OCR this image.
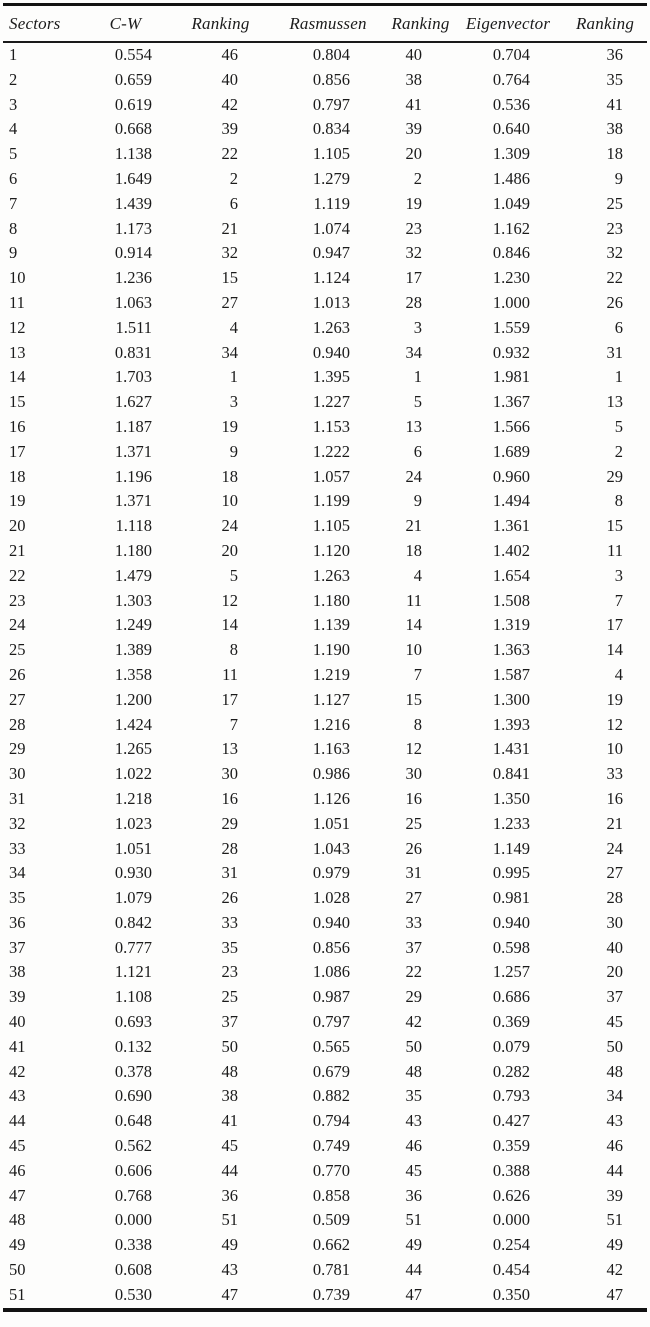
Sectors	C-W	Ranking	Rasmussen	Ranking	Eigenvector	Ranking
1	0.554	46	0.804	40	0.704	36
2	0.659	40	0.856	38	0.764	35
3	0.619	42	0.797	41	0.536	41
4	0.668	39	0.834	39	0.640	38
5	1.138	22	1.105	20	1.309	18
6	1.649	2	1.279	2	1.486	9
7	1.439	6	1.119	19	1.049	25
8	1.173	21	1.074	23	1.162	23
9	0.914	32	0.947	32	0.846	32
10	1.236	15	1.124	17	1.230	22
11	1.063	27	1.013	28	1.000	26
12	1.511	4	1.263	3	1.559	6
13	0.831	34	0.940	34	0.932	31
14	1.703	1	1.395	1	1.981	1
15	1.627	3	1.227	5	1.367	13
16	1.187	19	1.153	13	1.566	5
17	1.371	9	1.222	6	1.689	2
18	1.196	18	1.057	24	0.960	29
19	1.371	10	1.199	9	1.494	8
20	1.118	24	1.105	21	1.361	15
21	1.180	20	1.120	18	1.402	11
22	1.479	5	1.263	4	1.654	3
23	1.303	12	1.180	11	1.508	7
24	1.249	14	1.139	14	1.319	17
25	1.389	8	1.190	10	1.363	14
26	1.358	11	1.219	7	1.587	4
27	1.200	17	1.127	15	1.300	19
28	1.424	7	1.216	8	1.393	12
29	1.265	13	1.163	12	1.431	10
30	1.022	30	0.986	30	0.841	33
31	1.218	16	1.126	16	1.350	16
32	1.023	29	1.051	25	1.233	21
33	1.051	28	1.043	26	1.149	24
34	0.930	31	0.979	31	0.995	27
35	1.079	26	1.028	27	0.981	28
36	0.842	33	0.940	33	0.940	30
37	0.777	35	0.856	37	0.598	40
38	1.121	23	1.086	22	1.257	20
39	1.108	25	0.987	29	0.686	37
40	0.693	37	0.797	42	0.369	45
41	0.132	50	0.565	50	0.079	50
42	0.378	48	0.679	48	0.282	48
43	0.690	38	0.882	35	0.793	34
44	0.648	41	0.794	43	0.427	43
45	0.562	45	0.749	46	0.359	46
46	0.606	44	0.770	45	0.388	44
47	0.768	36	0.858	36	0.626	39
48	0.000	51	0.509	51	0.000	51
49	0.338	49	0.662	49	0.254	49
50	0.608	43	0.781	44	0.454	42
51	0.530	47	0.739	47	0.350	47
